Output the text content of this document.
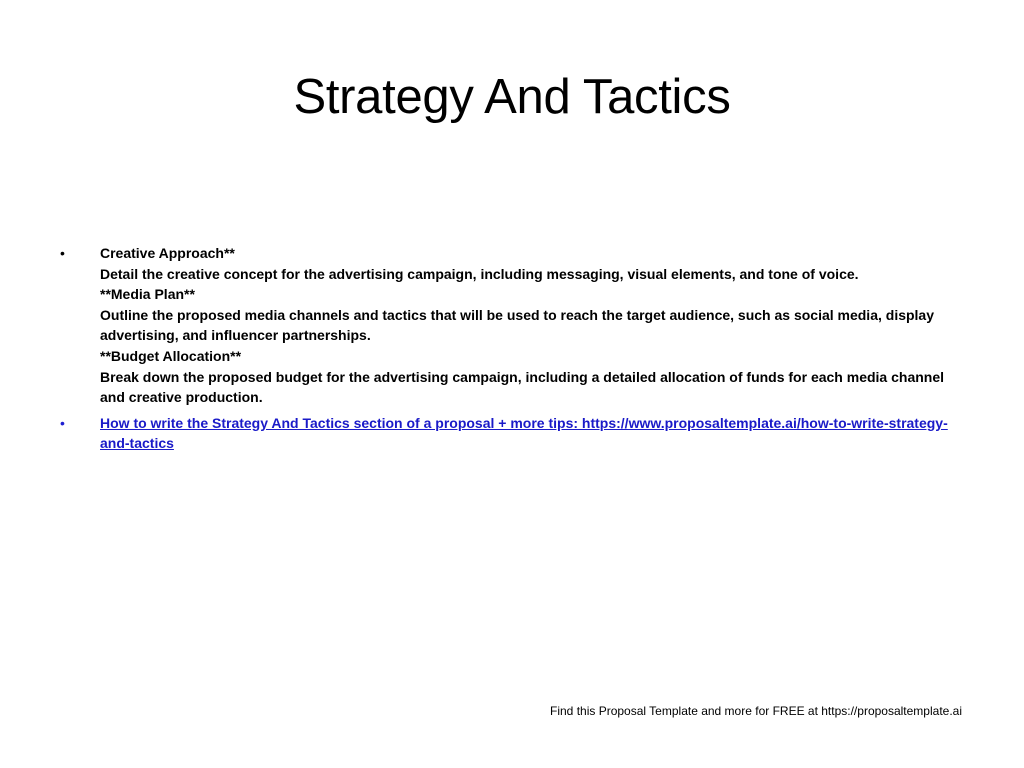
Strategy And Tactics
•	Creative Approach**
Detail the creative concept for the advertising campaign, including messaging, visual elements, and tone of voice.
**Media Plan**
Outline the proposed media channels and tactics that will be used to reach the target audience, such as social media, display advertising, and influencer partnerships.
**Budget Allocation**
Break down the proposed budget for the advertising campaign, including a detailed allocation of funds for each media channel and creative production.
•	How to write the Strategy And Tactics section of a proposal + more tips: https://www.proposaltemplate.ai/how-to-write-strategy-and-tactics
Find this Proposal Template and more for FREE at https://proposaltemplate.ai
